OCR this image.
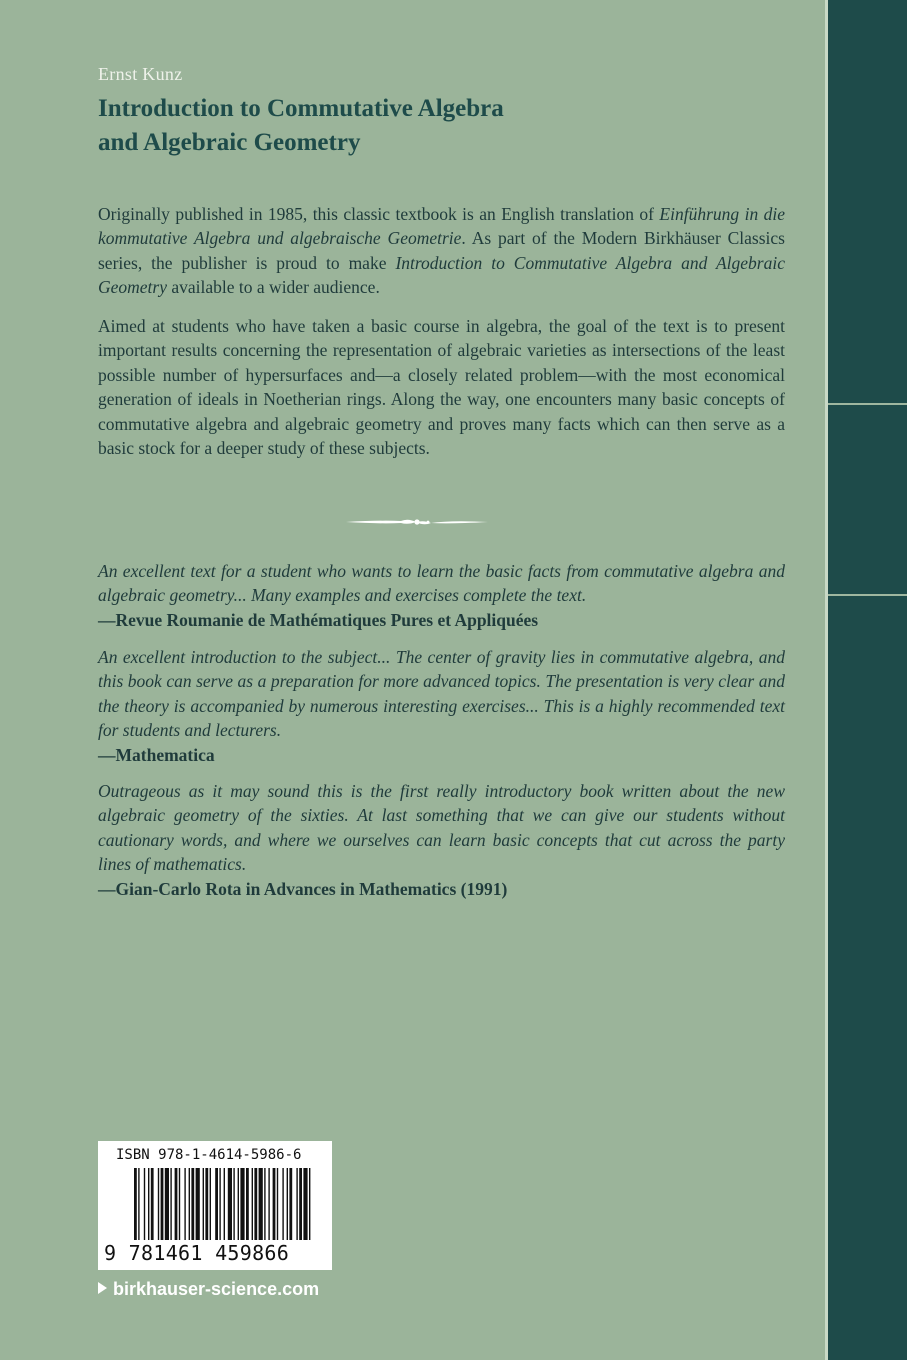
Ernst Kunz
Introduction to Commutative Algebra
and Algebraic Geometry

Originally published in 1985, this classic textbook is an English translation of Einführung in die kommutative Algebra und algebraische Geometrie. As part of the Modern Birkhäuser Classics series, the publisher is proud to make Introduction to Commutative Algebra and Algebraic Geometry available to a wider audience.

Aimed at students who have taken a basic course in algebra, the goal of the text is to present important results concerning the representation of algebraic varieties as intersections of the least possible number of hypersurfaces and—a closely related problem—with the most economical generation of ideals in Noetherian rings. Along the way, one encounters many basic concepts of commutative algebra and algebraic geometry and proves many facts which can then serve as a basic stock for a deeper study of these subjects.

An excellent text for a student who wants to learn the basic facts from commutative algebra and algebraic geometry... Many examples and exercises complete the text.

—Revue Roumanie de Mathématiques Pures et Appliquées

An excellent introduction to the subject... The center of gravity lies in commutative algebra, and this book can serve as a preparation for more advanced topics. The presentation is very clear and the theory is accompanied by numerous interesting exercises... This is a highly recommended text for students and lecturers.

—Mathematica

Outrageous as it may sound this is the first really introductory book written about the new algebraic geometry of the sixties. At last something that we can give our students without cautionary words, and where we ourselves can learn basic concepts that cut across the party lines of mathematics.

—Gian-Carlo Rota in Advances in Mathematics (1991)

ISBN 978-1-4614-5986-6
9 781461 459866
birkhauser-science.com
